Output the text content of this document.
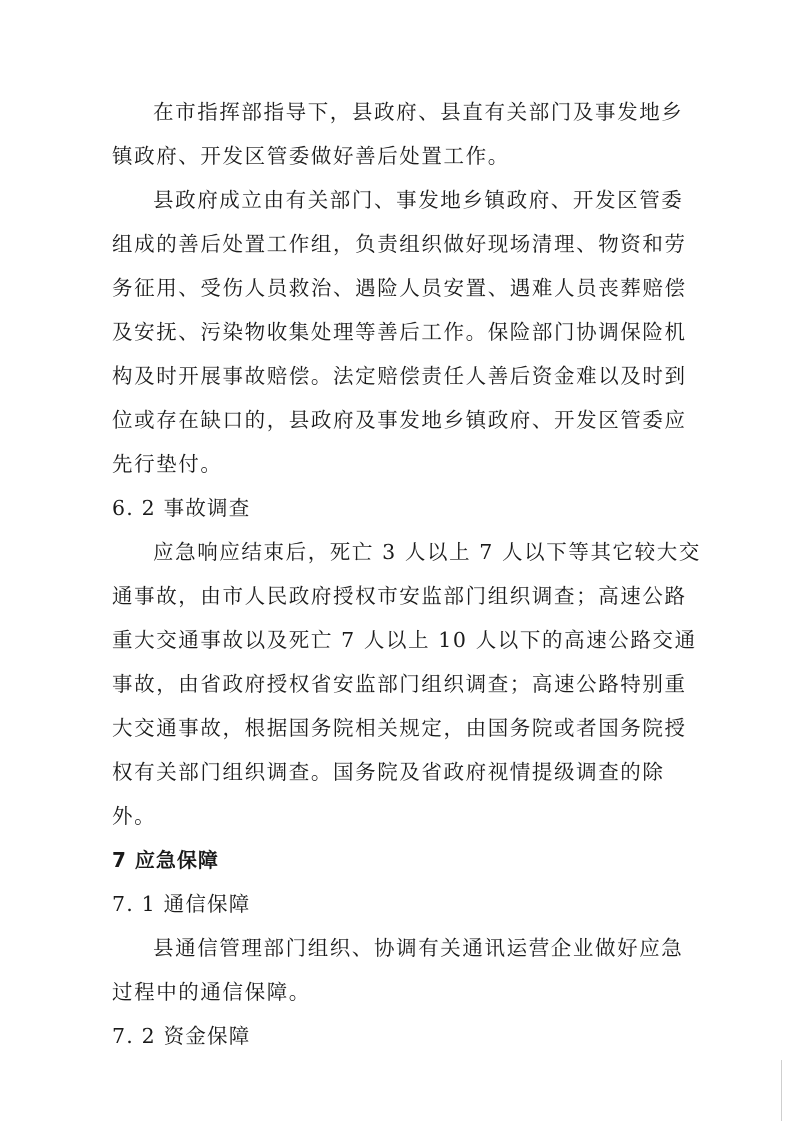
在市指挥部指导下，县政府、县直有关部门及事发地乡
镇政府、开发区管委做好善后处置工作。
县政府成立由有关部门、事发地乡镇政府、开发区管委
组成的善后处置工作组，负责组织做好现场清理、物资和劳
务征用、受伤人员救治、遇险人员安置、遇难人员丧葬赔偿
及安抚、污染物收集处理等善后工作。保险部门协调保险机
构及时开展事故赔偿。法定赔偿责任人善后资金难以及时到
位或存在缺口的，县政府及事发地乡镇政府、开发区管委应
先行垫付。
6. 2 事故调查
应急响应结束后，死亡 3 人以上 7 人以下等其它较大交
通事故，由市人民政府授权市安监部门组织调查；高速公路
重大交通事故以及死亡 7 人以上 10 人以下的高速公路交通
事故，由省政府授权省安监部门组织调查；高速公路特别重
大交通事故，根据国务院相关规定，由国务院或者国务院授
权有关部门组织调查。国务院及省政府视情提级调查的除
外。
7 应急保障
7. 1 通信保障
县通信管理部门组织、协调有关通讯运营企业做好应急
过程中的通信保障。
7. 2 资金保障
